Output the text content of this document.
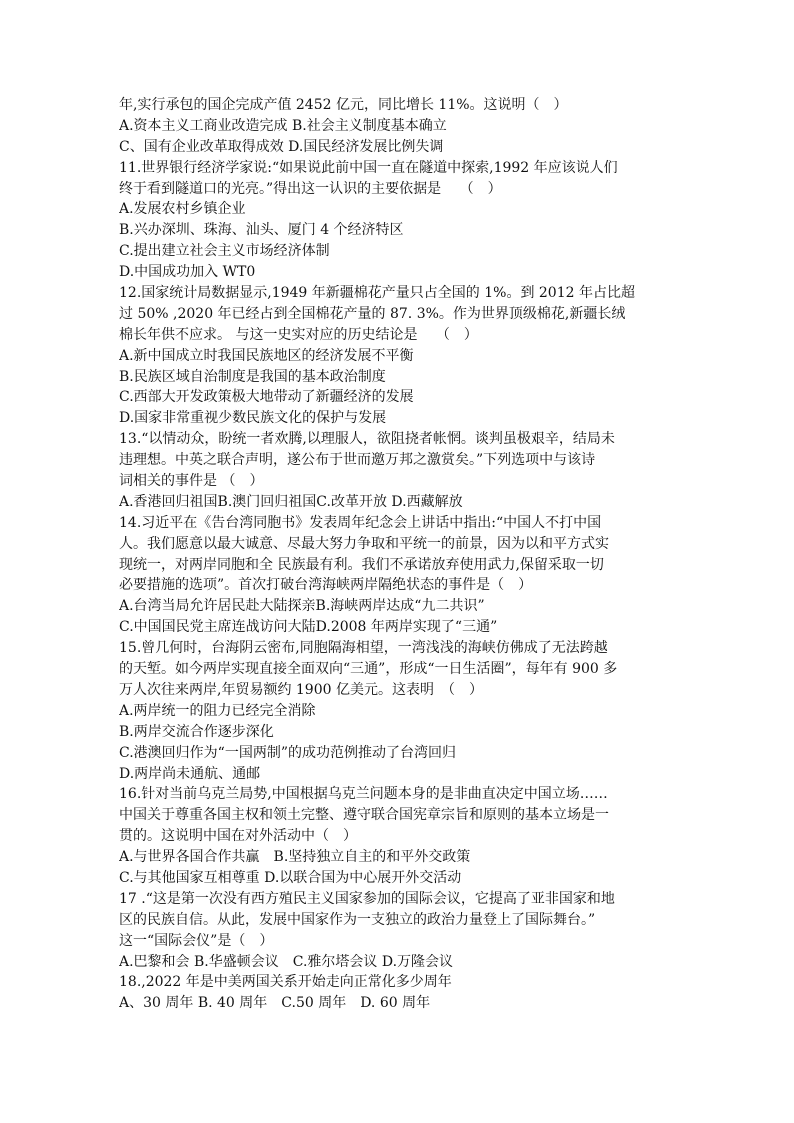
年,实行承包的国企完成产值 2452 亿元，同比增长 11%。这说明（　）
A.资本主义工商业改造完成 B.社会主义制度基本确立
C、国有企业改革取得成效 D.国民经济发展比例失调
11.世界银行经济学家说:“如果说此前中国一直在隧道中探索,1992 年应该说人们
终于看到隧道口的光亮。”得出这一认识的主要依据是　 （　）
A.发展农村乡镇企业
B.兴办深圳、珠海、汕头、厦门 4 个经济特区
C.提出建立社会主义市场经济体制
D.中国成功加入 WT0
12.国家统计局数据显示,1949 年新疆棉花产量只占全国的 1%。到 2012 年占比超
过 50% ,2020 年已经占到全国棉花产量的 87. 3%。作为世界顶级棉花,新疆长绒
棉长年供不应求。 与这一史实对应的历史结论是　 （　）
A.新中国成立时我国民族地区的经济发展不平衡
B.民族区域自治制度是我国的基本政治制度
C.西部大开发政策极大地带动了新疆经济的发展
D.国家非常重视少数民族文化的保护与发展
13.“以情动众，盼统一者欢腾,以理服人，欲阻挠者帐惘。谈判虽极艰辛，结局未
违理想。中英之联合声明，遂公布于世而邀万邦之激赏矣。”下列选项中与该诗
词相关的事件是 （　）
A.香港回归祖国B.澳门回归祖国C.改革开放 D.西藏解放
14.习近平在《告台湾同胞书》发表周年纪念会上讲话中指出:“中国人不打中国
人。我们愿意以最大诚意、尽最大努力争取和平统一的前景，因为以和平方式实
现统一，对两岸同胞和全 民族最有利。我们不承诺放弃使用武力,保留采取一切
必要措施的选项”。首次打破台湾海峡两岸隔绝状态的事件是（　）
A.台湾当局允许居民赴大陆探亲B.海峡两岸达成“九二共识”
C.中国国民党主席连战访问大陆D.2008 年两岸实现了“三通”
15.曾几何时，台海阴云密布,同胞隔海相望，一湾浅浅的海峡仿佛成了无法跨越
的天堑。如今两岸实现直接全面双向“三通”，形成“一日生活圈”，每年有 900 多
万人次往来两岸,年贸易额约 1900 亿美元。这表明　（　）
A.两岸统一的阻力已经完全消除
B.两岸交流合作逐步深化
C.港澳回归作为“一国两制”的成功范例推动了台湾回归
D.两岸尚未通航、通邮
16.针对当前乌克兰局势,中国根据乌克兰问题本身的是非曲直决定中国立场……
中国关于尊重各国主权和领土完整、遵守联合国宪章宗旨和原则的基本立场是一
贯的。这说明中国在对外活动中（　）
A.与世界各国合作共赢　B.坚持独立自主的和平外交政策
C.与其他国家互相尊重 D.以联合国为中心展开外交活动
17 .“这是第一次没有西方殖民主义国家参加的国际会议，它提高了亚非国家和地
区的民族自信。从此，发展中国家作为一支独立的政治力量登上了国际舞台。”
这一“国际会仪”是（　）
A.巴黎和会 B.华盛顿会议　C.雅尔塔会议 D.万隆会议
18.,2022 年是中美两国关系开始走向正常化多少周年
A、30 周年 B. 40 周年　C.50 周年　D. 60 周年
